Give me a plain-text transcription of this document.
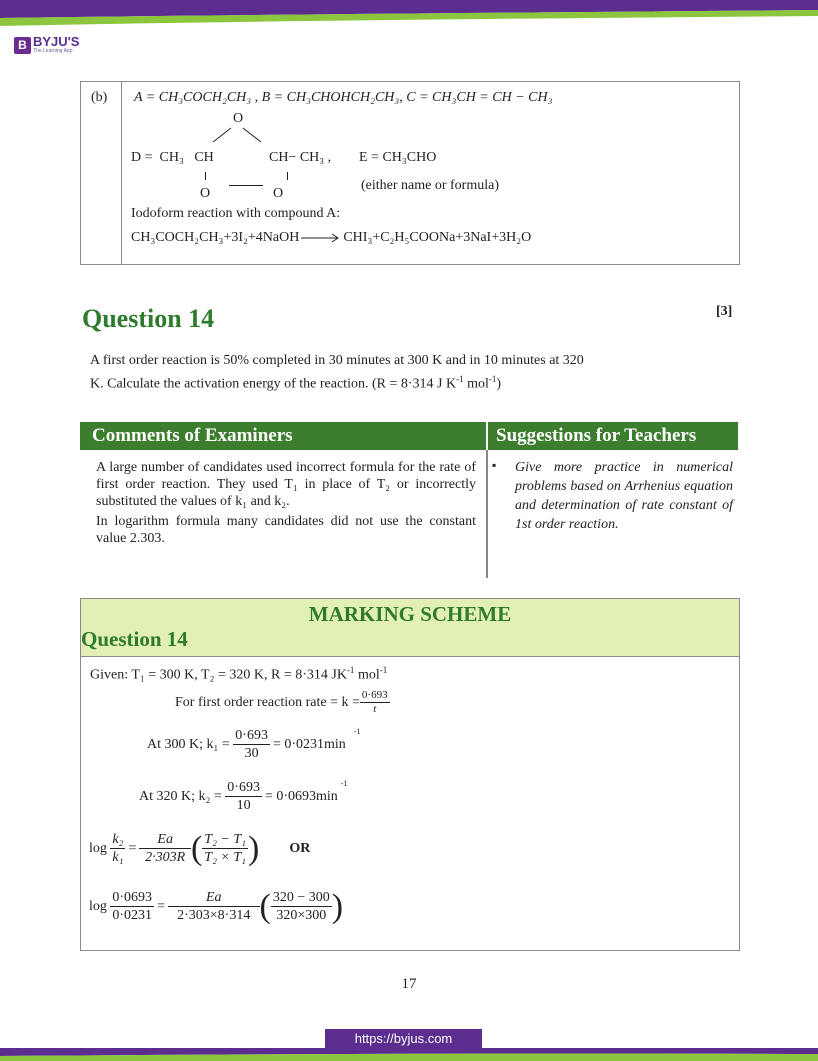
B BYJU'S
The Learning App
(b) A = CH₃COCH₂CH₃ , B = CH₃CHOHCH₂CH₃, C = CH₃CH = CH − CH₃
O
D =  CH₃   CH	CH− CH₃ , E = CH₃CHO
O	O
(either name or formula)
Iodoform reaction with compound A:
CH₃COCH₂CH₃+3I₂+4NaOH → CHI₃+C₂H₅COONa+3NaI+3H₂O
Question 14	[3]
A first order reaction is 50% completed in 30 minutes at 300 K and in 10 minutes at 320
K. Calculate the activation energy of the reaction. (R = 8·314 J $K^{-1}$ mol$^{-1}$)
Comments of Examiners	Suggestions for Teachers
A large number of candidates used incorrect formula for the rate of first order reaction. They used T₁ in place of T₂ or incorrectly substituted the values of k₁ and k₂.
In logarithm formula many candidates did not use the constant value 2.303.
▪ Give more practice in numerical problems based on Arrhenius equation and determination of rate constant of 1st order reaction.
MARKING SCHEME
Question 14
Given: T₁ = 300 K, T₂ = 320 K, R = 8·314 $JK^{-1}$ mol$^{-1}$
For first order reaction rate = $k = \frac{0\cdot 693}{t}$
At 300 K; k₁ =
$\frac{0\cdot 693}{30} = 0\cdot 0231\min$
-1
At 320 K; k₂ =
$\frac{0\cdot 693}{10} = 0\cdot 0693\min$
-1
log
$\frac{\text{k₂}}{\text{k₁}} = \frac{Ea}{2\cdot 303R}$ ( $\frac{\text{T₂ − T₁}}{\text{T₂ × T₁}}$ ) OR
log
$\frac{0\cdot 0693}{0\cdot 0231} = \frac{Ea}{2\cdot 303\times 8\cdot 314}$ ( $\frac{320 - 300}{320\times 300}$ )
17
https://byjus.com
